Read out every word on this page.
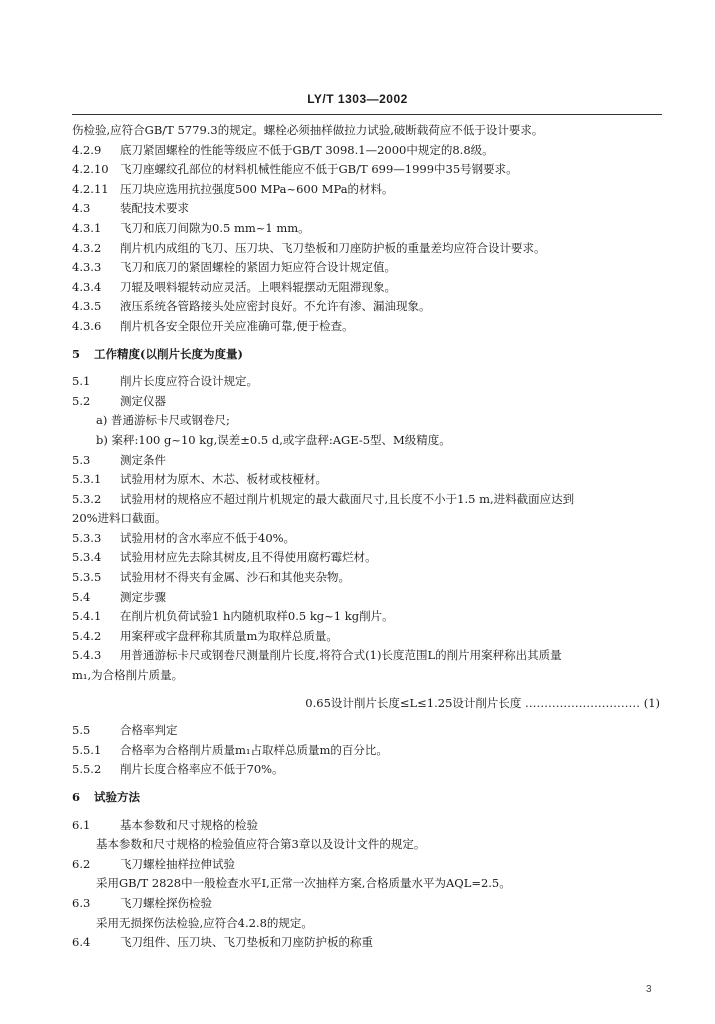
LY/T 1303—2002
伤检验,应符合GB/T 5779.3的规定。螺栓必须抽样做拉力试验,破断载荷应不低于设计要求。
4.2.9 底刀紧固螺栓的性能等级应不低于GB/T 3098.1—2000中规定的8.8级。
4.2.10 飞刀座螺纹孔部位的材料机械性能应不低于GB/T 699—1999中35号钢要求。
4.2.11 压刀块应选用抗拉强度500 MPa~600 MPa的材料。
4.3	装配技术要求
4.3.1 飞刀和底刀间隙为0.5 mm~1 mm。
4.3.2 削片机内成组的飞刀、压刀块、飞刀垫板和刀座防护板的重量差均应符合设计要求。
4.3.3 飞刀和底刀的紧固螺栓的紧固力矩应符合设计规定值。
4.3.4 刀辊及喂料辊转动应灵活。上喂料辊摆动无阻滞现象。
4.3.5 液压系统各管路接头处应密封良好。不允许有渗、漏油现象。
4.3.6 削片机各安全限位开关应准确可靠,便于检查。
5 工作精度(以削片长度为度量)
5.1	削片长度应符合设计规定。
5.2	测定仪器
a) 普通游标卡尺或钢卷尺;
b) 案秤:100 g~10 kg,误差±0.5 d,或字盘秤:AGE-5型、M级精度。
5.3	测定条件
5.3.1 试验用材为原木、木芯、板材或枝桠材。
5.3.2 试验用材的规格应不超过削片机规定的最大截面尺寸,且长度不小于1.5 m,进料截面应达到
20%进料口截面。
5.3.3 试验用材的含水率应不低于40%。
5.3.4 试验用材应先去除其树皮,且不得使用腐朽霉烂材。
5.3.5 试验用材不得夹有金属、沙石和其他夹杂物。
5.4	测定步骤
5.4.1 在削片机负荷试验1 h内随机取样0.5 kg~1 kg削片。
5.4.2 用案秤或字盘秤称其质量m为取样总质量。
5.4.3 用普通游标卡尺或钢卷尺测量削片长度,将符合式(1)长度范围L的削片用案秤称出其质量
m₁,为合格削片质量。
0.65设计削片长度≤L≤1.25设计削片长度 ………………………… (1)
5.5	合格率判定
5.5.1 合格率为合格削片质量m₁占取样总质量m的百分比。
5.5.2 削片长度合格率应不低于70%。
6 试验方法
6.1	基本参数和尺寸规格的检验
基本参数和尺寸规格的检验值应符合第3章以及设计文件的规定。
6.2	飞刀螺栓抽样拉伸试验
采用GB/T 2828中一般检查水平Ⅰ,正常一次抽样方案,合格质量水平为AQL=2.5。
6.3	飞刀螺栓探伤检验
采用无损探伤法检验,应符合4.2.8的规定。
6.4	飞刀组件、压刀块、飞刀垫板和刀座防护板的称重
3
